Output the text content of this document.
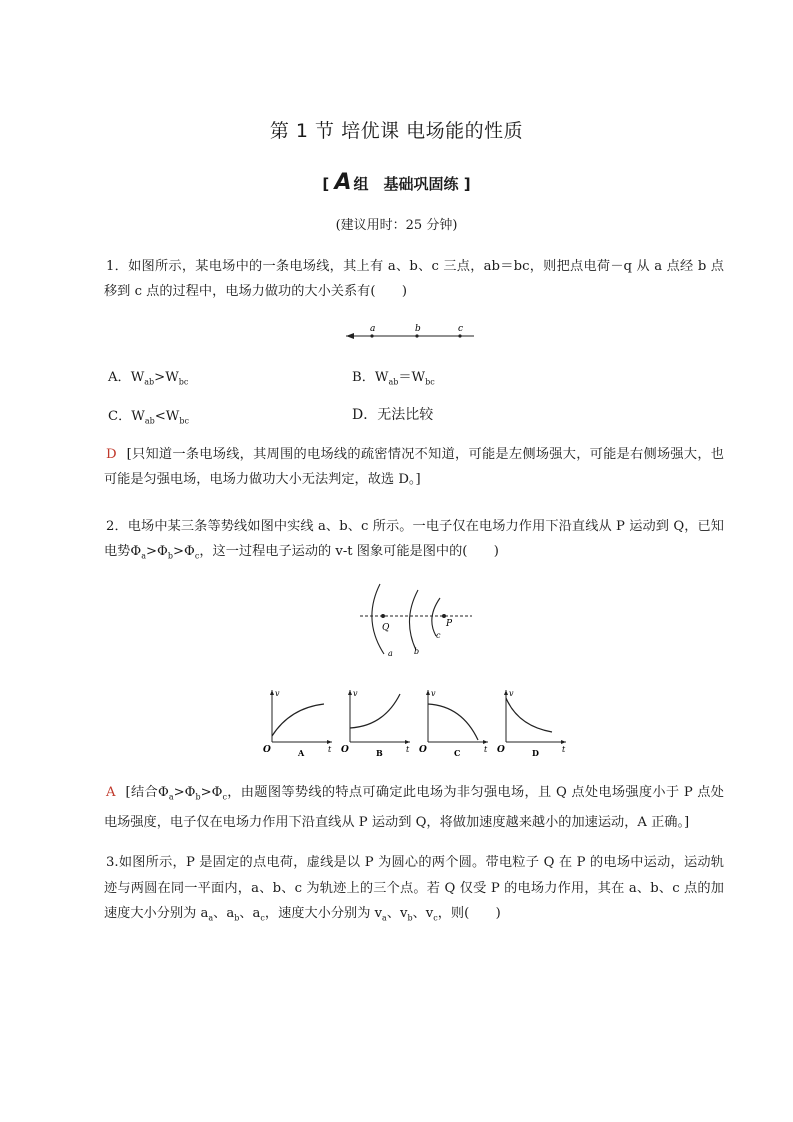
第 1 节 培优课 电场能的性质
[ A 组　基础巩固练 ]
(建议用时：25 分钟)
1．如图所示，某电场中的一条电场线，其上有 a、b、c 三点，ab＝bc，则把点电荷－q 从 a 点经 b 点移到 c 点的过程中，电场力做功的大小关系有(　　)
a	b	c
A．$W_{ab}>W_{bc}$	B．$W_{ab}=W_{bc}$
C．$W_{ab}<W_{bc}$	D．无法比较
D [只知道一条电场线，其周围的电场线的疏密情况不知道，可能是左侧场强大，可能是右侧场强大，也可能是匀强电场，电场力做功大小无法判定，故选 D。]
2．电场中某三条等势线如图中实线 a、b、c 所示。一电子仅在电场力作用下沿直线从 P 运动到 Q，已知电势$\Phi_a>\Phi_b>\Phi_c$，这一过程电子运动的 v-t 图象可能是图中的(　　)
Q	P
a	b
c
v
t
O	A
v
t
O	B
v
t
O	C
v
t
O	D
A [结合$\Phi_a>\Phi_b>\Phi_c$，由题图等势线的特点可确定此电场为非匀强电场，且 Q 点处电场强度小于 P 点处电场强度，电子仅在电场力作用下沿直线从 P 运动到 Q，将做加速度越来越小的加速运动，A 正确。]
3.如图所示，P 是固定的点电荷，虚线是以 P 为圆心的两个圆。带电粒子 Q 在 P 的电场中运动，运动轨迹与两圆在同一平面内，a、b、c 为轨迹上的三个点。若 Q 仅受 P 的电场力作用，其在 a、b、c 点的加速度大小分别为 $a_a$、$a_b$、$a_c$，速度大小分别为 $v_a$、$v_b$、$v_c$，则(　　)
